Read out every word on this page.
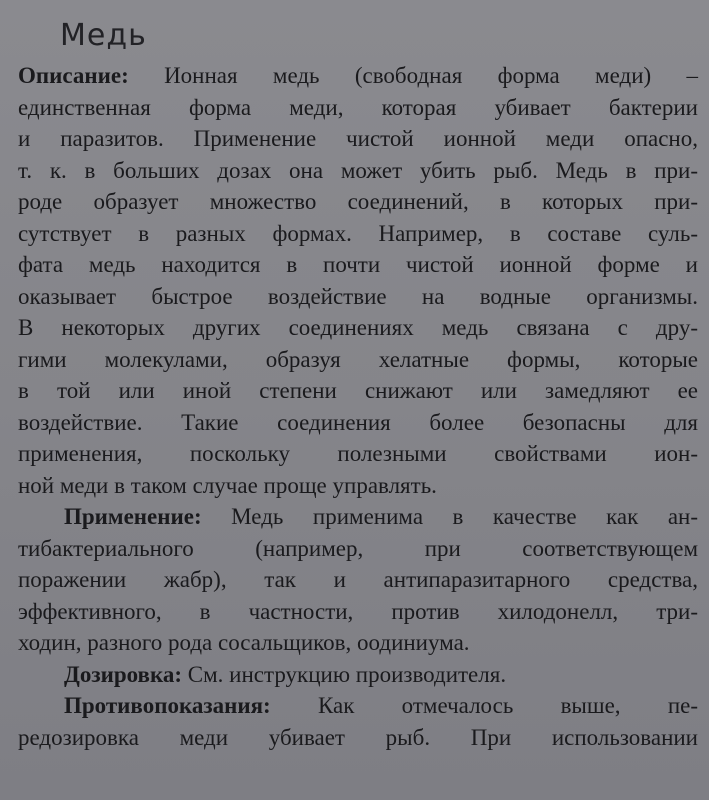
Медь
Описание: Ионная медь (свободная форма меди) –
единственная форма меди, которая убивает бактерии
и паразитов. Применение чистой ионной меди опасно,
т. к. в больших дозах она может убить рыб. Медь в при-
роде образует множество соединений, в которых при-
сутствует в разных формах. Например, в составе суль-
фата медь находится в почти чистой ионной форме и
оказывает быстрое воздействие на водные организмы.
В некоторых других соединениях медь связана с дру-
гими молекулами, образуя хелатные формы, которые
в той или иной степени снижают или замедляют ее
воздействие. Такие соединения более безопасны для
применения, поскольку полезными свойствами ион-
ной меди в таком случае проще управлять.
Применение: Медь применима в качестве как ан-
тибактериального (например, при соответствующем
поражении жабр), так и антипаразитарного средства,
эффективного, в частности, против хилодонелл, три-
ходин, разного рода сосальщиков, оодиниума.
Дозировка: См. инструкцию производителя.
Противопоказания: Как отмечалось выше, пе-
редозировка меди убивает рыб. При использовании
